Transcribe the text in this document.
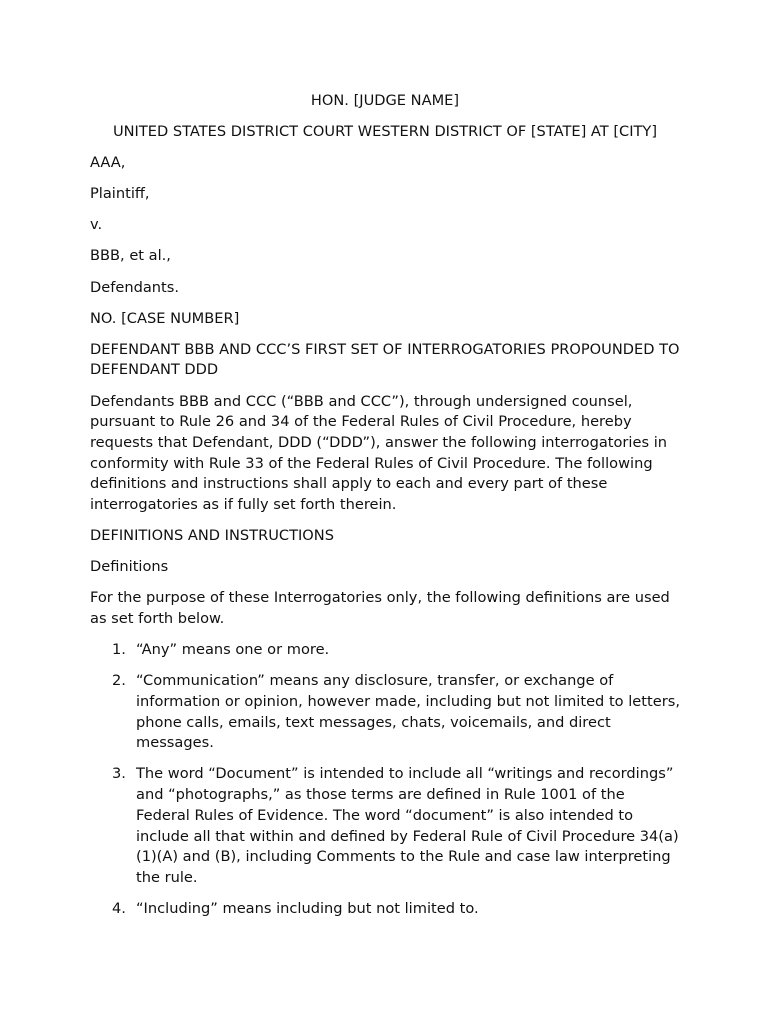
HON. [JUDGE NAME]

UNITED STATES DISTRICT COURT WESTERN DISTRICT OF [STATE] AT [CITY]

AAA,

Plaintiff,

v.

BBB, et al.,

Defendants.

NO. [CASE NUMBER]

DEFENDANT BBB AND CCC’S FIRST SET OF INTERROGATORIES PROPOUNDED TO DEFENDANT DDD

Defendants BBB and CCC (“BBB and CCC”), through undersigned counsel, pursuant to Rule 26 and 34 of the Federal Rules of Civil Procedure, hereby requests that Defendant, DDD (“DDD”), answer the following interrogatories in conformity with Rule 33 of the Federal Rules of Civil Procedure. The following definitions and instructions shall apply to each and every part of these interrogatories as if fully set forth therein.

DEFINITIONS AND INSTRUCTIONS

Definitions

For the purpose of these Interrogatories only, the following definitions are used as set forth below.

1. “Any” means one or more.
2. “Communication” means any disclosure, transfer, or exchange of information or opinion, however made, including but not limited to letters, phone calls, emails, text messages, chats, voicemails, and direct messages.
3. The word “Document” is intended to include all “writings and recordings” and “photographs,” as those terms are defined in Rule 1001 of the Federal Rules of Evidence. The word “document” is also intended to include all that within and defined by Federal Rule of Civil Procedure 34(a)(1)(A) and (B), including Comments to the Rule and case law interpreting the rule.
4. “Including” means including but not limited to.
